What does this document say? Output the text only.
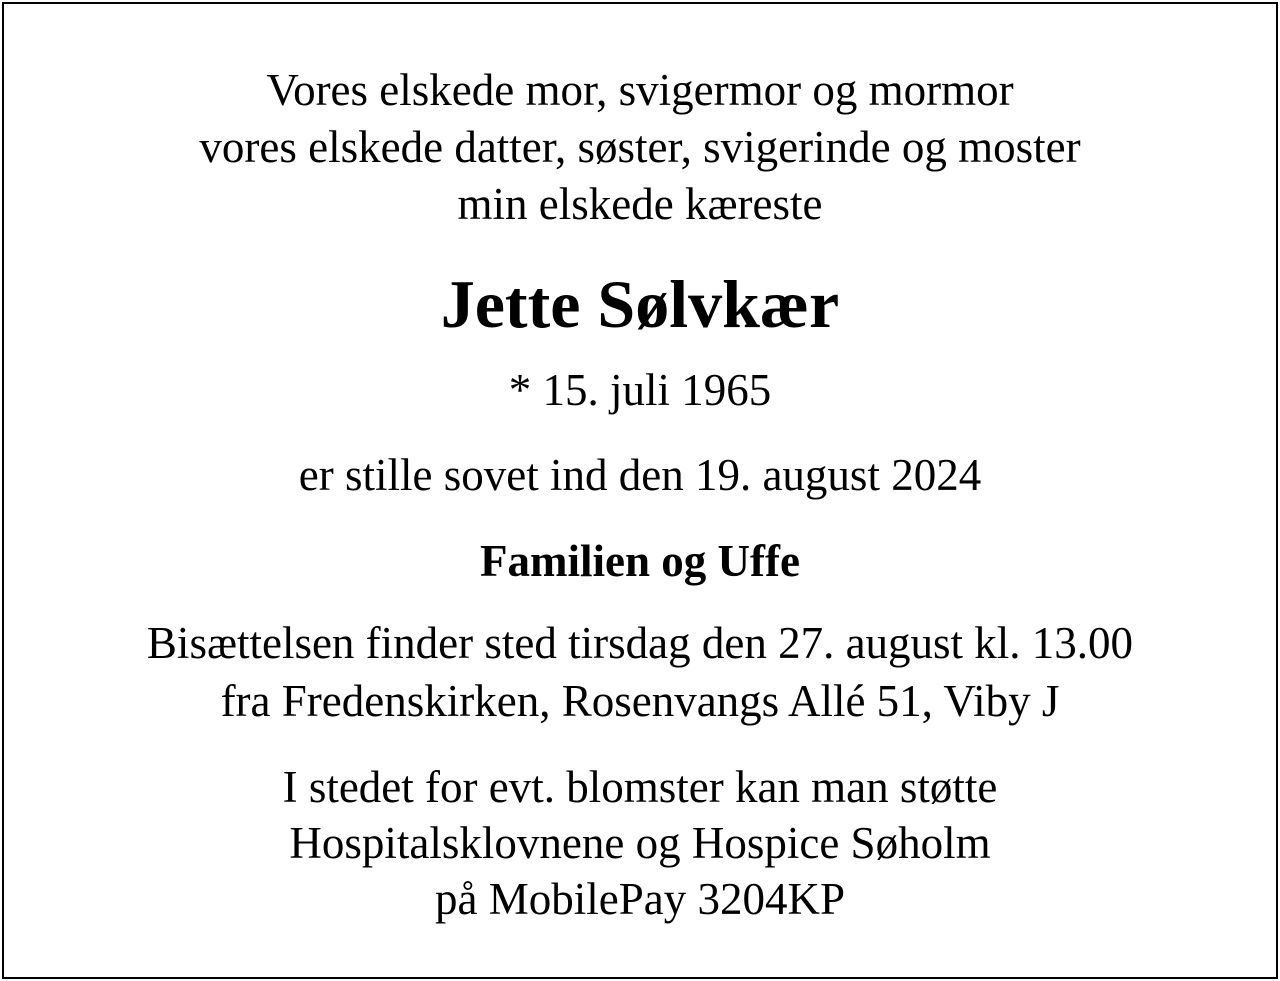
Vores elskede mor, svigermor og mormor
vores elskede datter, søster, svigerinde og moster
min elskede kæreste
Jette Sølvkær
* 15. juli 1965
er stille sovet ind den 19. august 2024
Familien og Uffe
Bisættelsen finder sted tirsdag den 27. august kl. 13.00
fra Fredenskirken, Rosenvangs Allé 51, Viby J
I stedet for evt. blomster kan man støtte
Hospitalsklovnene og Hospice Søholm
på MobilePay 3204KP
